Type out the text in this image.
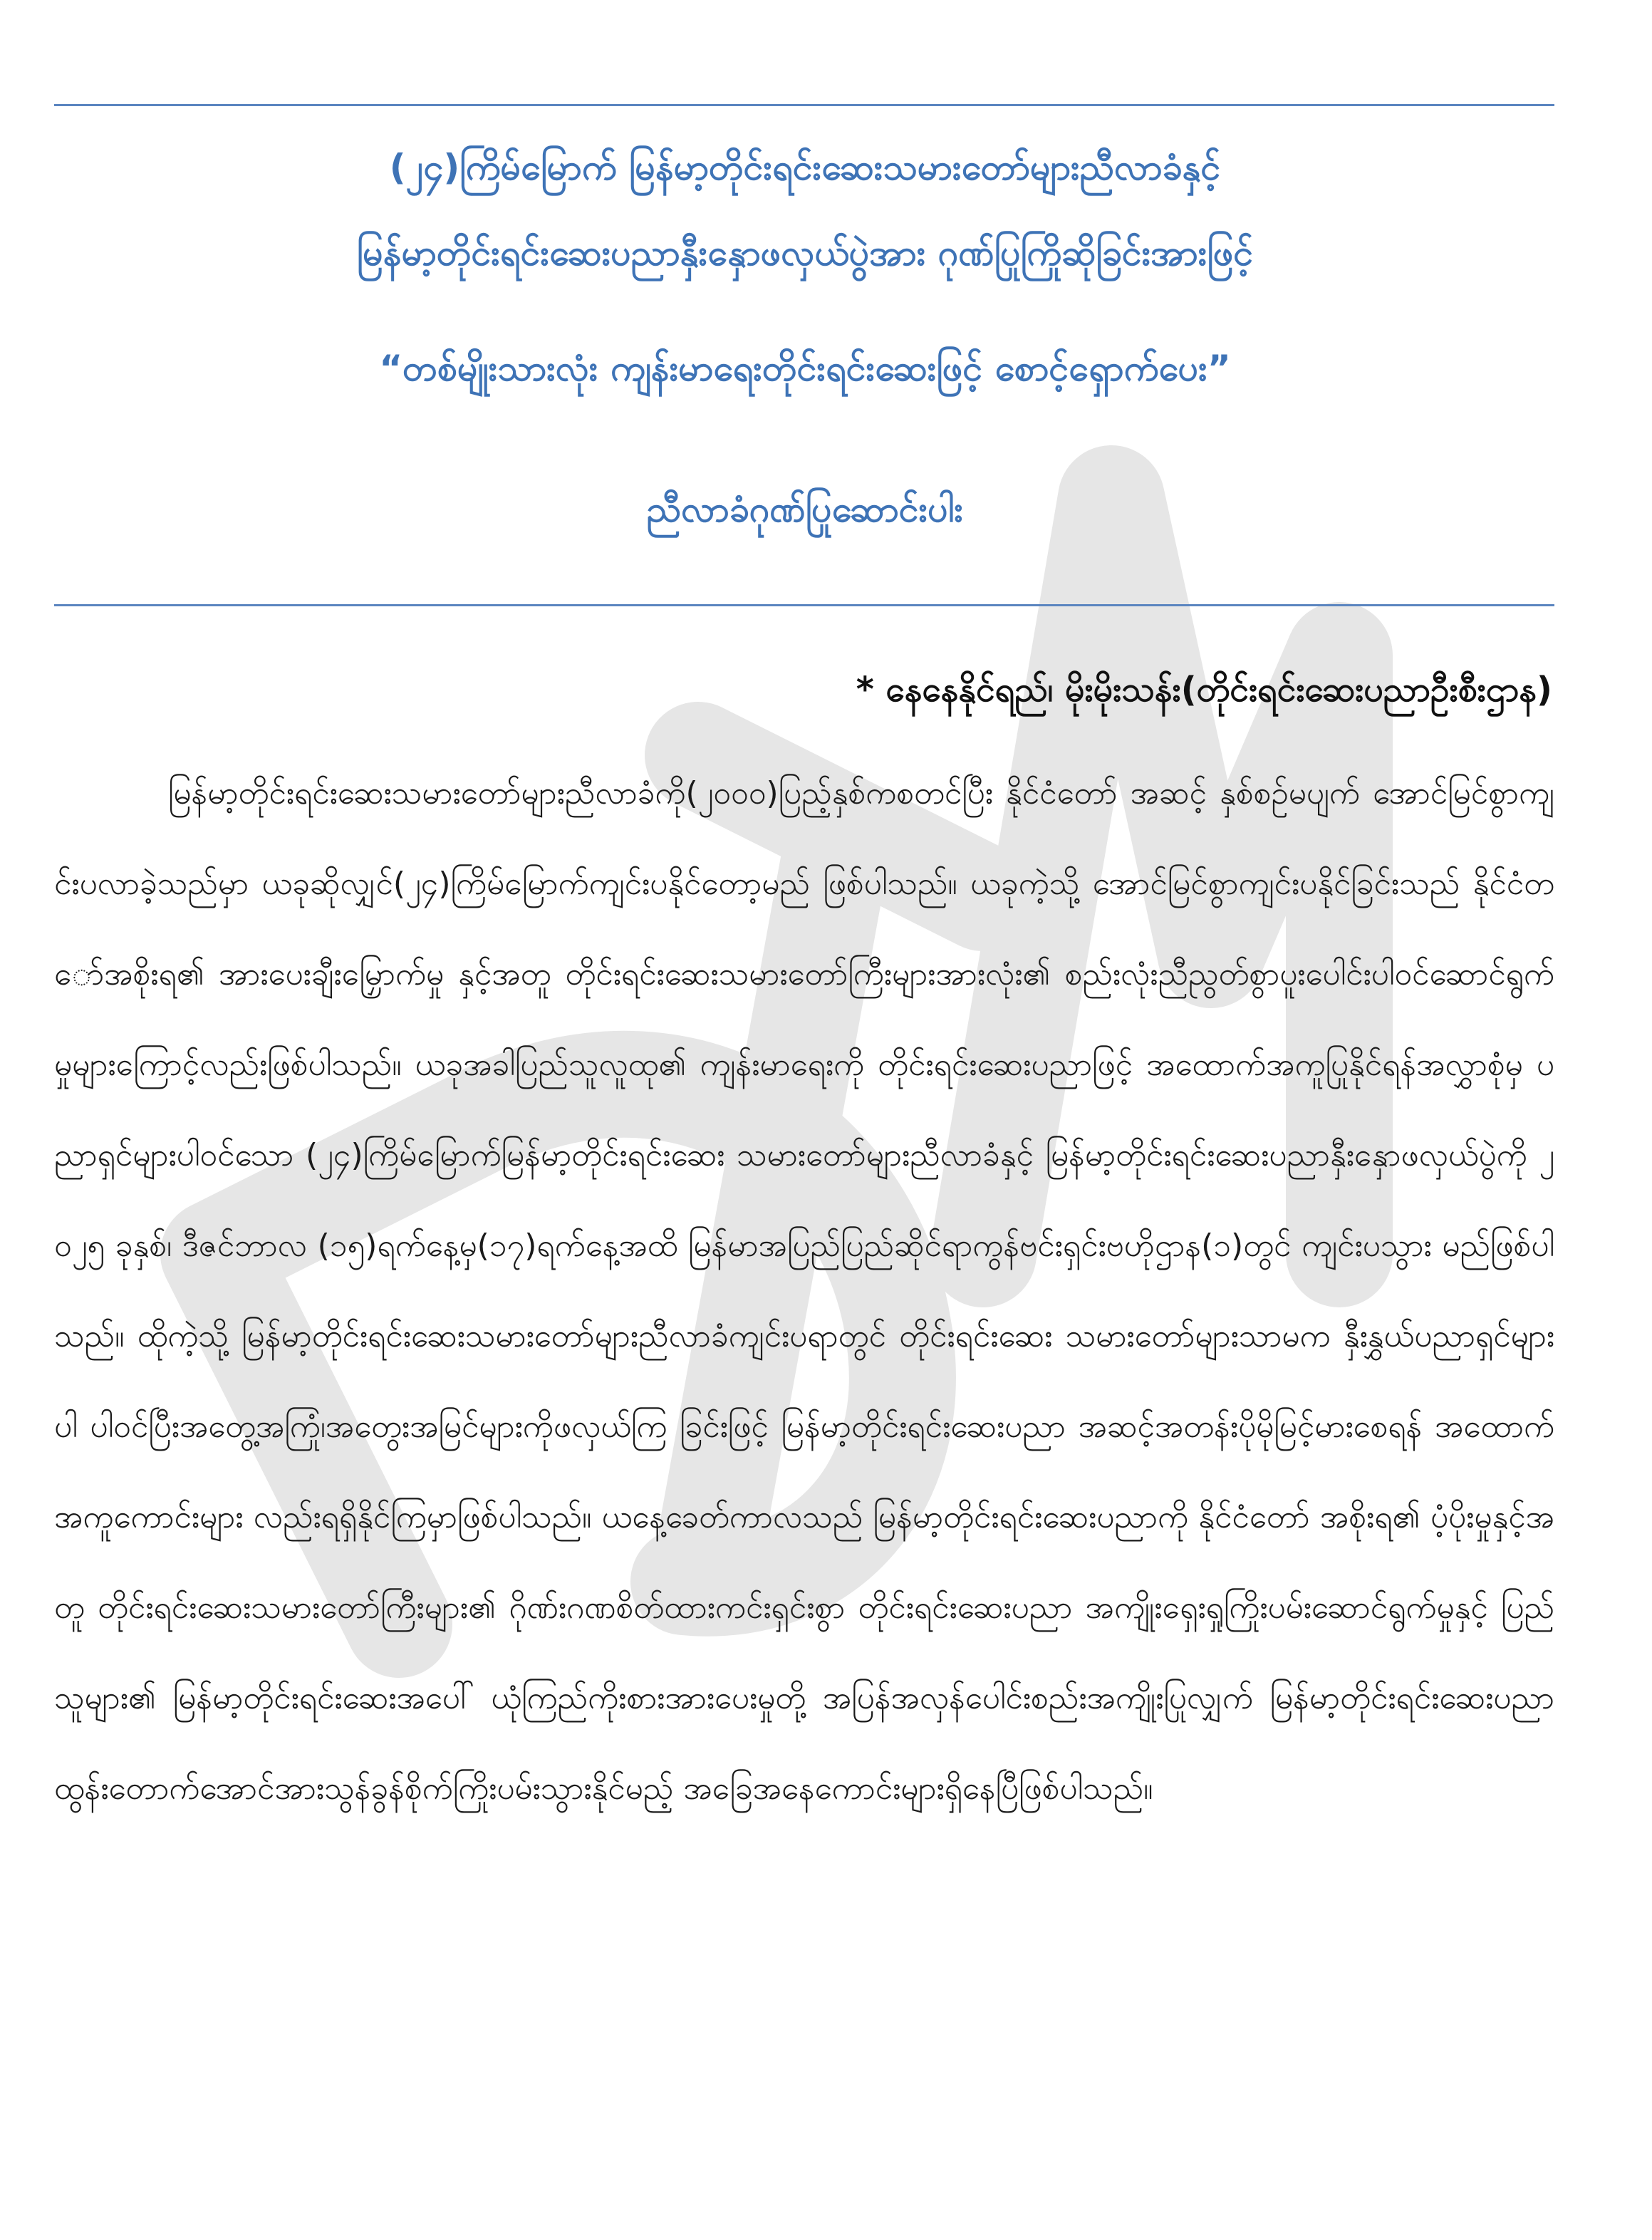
(၂၄)ကြိမ်မြောက် မြန်မာ့တိုင်းရင်းဆေးသမားတော်များညီလာခံနှင့်
မြန်မာ့တိုင်းရင်းဆေးပညာနှီးနှောဖလှယ်ပွဲအား ဂုဏ်ပြုကြိုဆိုခြင်းအားဖြင့်
“တစ်မျိုးသားလုံး ကျန်းမာရေးတိုင်းရင်းဆေးဖြင့် စောင့်ရှောက်ပေး”
ညီလာခံဂုဏ်ပြုဆောင်းပါး
* နေနေနိုင်ရည်၊ မိုးမိုးသန်း(တိုင်းရင်းဆေးပညာဦးစီးဌာန)
မြန်မာ့တိုင်းရင်းဆေးသမားတော်များညီလာခံကို(၂၀၀၀)ပြည့်နှစ်ကစတင်ပြီး နိုင်ငံတော် အဆင့် နှစ်စဉ်မပျက် အောင်မြင်စွာကျင်းပလာခဲ့သည်မှာ ယခုဆိုလျှင်(၂၄)ကြိမ်မြောက်ကျင်းပနိုင်တော့မည် ဖြစ်ပါသည်။ ယခုကဲ့သို့ အောင်မြင်စွာကျင်းပနိုင်ခြင်းသည် နိုင်ငံတော်အစိုးရ၏ အားပေးချီးမြှောက်မှု နှင့်အတူ တိုင်းရင်းဆေးသမားတော်ကြီးများအားလုံး၏ စည်းလုံးညီညွတ်စွာပူးပေါင်းပါဝင်ဆောင်ရွက် မှုများကြောင့်လည်းဖြစ်ပါသည်။ ယခုအခါပြည်သူလူထု၏ ကျန်းမာရေးကို တိုင်းရင်းဆေးပညာဖြင့် အထောက်အကူပြုနိုင်ရန်အလွှာစုံမှ ပညာရှင်များပါဝင်သော (၂၄)ကြိမ်မြောက်မြန်မာ့တိုင်းရင်းဆေး သမားတော်များညီလာခံနှင့် မြန်မာ့တိုင်းရင်းဆေးပညာနှီးနှောဖလှယ်ပွဲကို ၂၀၂၅ ခုနှစ်၊ ဒီဇင်ဘာလ (၁၅)ရက်နေ့မှ(၁၇)ရက်နေ့အထိ မြန်မာအပြည်ပြည်ဆိုင်ရာကွန်ဗင်းရှင်းဗဟိုဌာန(၁)တွင် ကျင်းပသွား မည်ဖြစ်ပါသည်။ ထိုကဲ့သို့ မြန်မာ့တိုင်းရင်းဆေးသမားတော်များညီလာခံကျင်းပရာတွင် တိုင်းရင်းဆေး သမားတော်များသာမက နှီးနွှယ်ပညာရှင်များပါ ပါဝင်ပြီးအတွေ့အကြုံ၊အတွေးအမြင်များကိုဖလှယ်ကြ ခြင်းဖြင့် မြန်မာ့တိုင်းရင်းဆေးပညာ အဆင့်အတန်းပိုမိုမြင့်မားစေရန် အထောက်အကူကောင်းများ လည်းရရှိနိုင်ကြမှာဖြစ်ပါသည်။ ယနေ့ခေတ်ကာလသည် မြန်မာ့တိုင်းရင်းဆေးပညာကို နိုင်ငံတော် အစိုးရ၏ ပံ့ပိုးမှုနှင့်အတူ တိုင်းရင်းဆေးသမားတော်ကြီးများ၏ ဂိုဏ်းဂဏစိတ်ထားကင်းရှင်းစွာ တိုင်းရင်းဆေးပညာ အကျိုးရှေးရှုကြိုးပမ်းဆောင်ရွက်မှုနှင့် ပြည်သူများ၏ မြန်မာ့တိုင်းရင်းဆေးအပေါ် ယုံကြည်ကိုးစားအားပေးမှုတို့ အပြန်အလှန်ပေါင်းစည်းအကျိုးပြုလျှက် မြန်မာ့တိုင်းရင်းဆေးပညာ ထွန်းတောက်အောင်အားသွန်ခွန်စိုက်ကြိုးပမ်းသွားနိုင်မည့် အခြေအနေကောင်းများရှိနေပြီဖြစ်ပါသည်။
